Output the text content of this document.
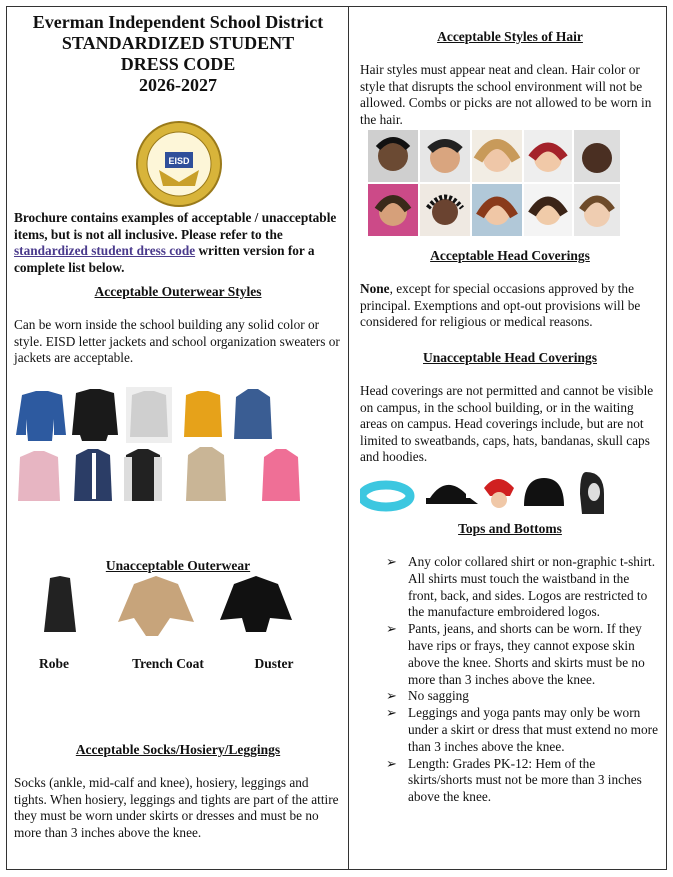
Everman Independent School District
STANDARDIZED STUDENT
DRESS CODE
2026-2027
EISD
Brochure contains examples of acceptable / unacceptable items, but is not all inclusive. Please refer to the standardized student dress code written version for a complete list below.
Acceptable Outerwear Styles
Can be worn inside the school building any solid color or style. EISD letter jackets and school organization sweaters or jackets are acceptable.
Unacceptable Outerwear
Robe	Trench Coat	Duster
Acceptable Socks/Hosiery/Leggings
Socks (ankle, mid-calf and knee), hosiery, leggings and tights. When hosiery, leggings and tights are part of the attire they must be worn under skirts or dresses and must be no more than 3 inches above the knee.
Acceptable Styles of Hair
Hair styles must appear neat and clean. Hair color or style that disrupts the school environment will not be allowed. Combs or picks are not allowed to be worn in the hair.
Acceptable Head Coverings
None, except for special occasions approved by the principal. Exemptions and opt-out provisions will be considered for religious or medical reasons.
Unacceptable Head Coverings
Head coverings are not permitted and cannot be visible on campus, in the school building, or in the waiting areas on campus. Head coverings include, but are not limited to sweatbands, caps, hats, bandanas, skull caps and hoodies.
Tops and Bottoms
➢ Any color collared shirt or non-graphic t-shirt. All shirts must touch the waistband in the front, back, and sides. Logos are restricted to the manufacture embroidered logos.
➢ Pants, jeans, and shorts can be worn. If they have rips or frays, they cannot expose skin above the knee. Shorts and skirts must be no more than 3 inches above the knee.
➢ No sagging
➢ Leggings and yoga pants may only be worn under a skirt or dress that must extend no more than 3 inches above the knee.
➢ Length: Grades PK-12: Hem of the skirts/shorts must not be more than 3 inches above the knee.
